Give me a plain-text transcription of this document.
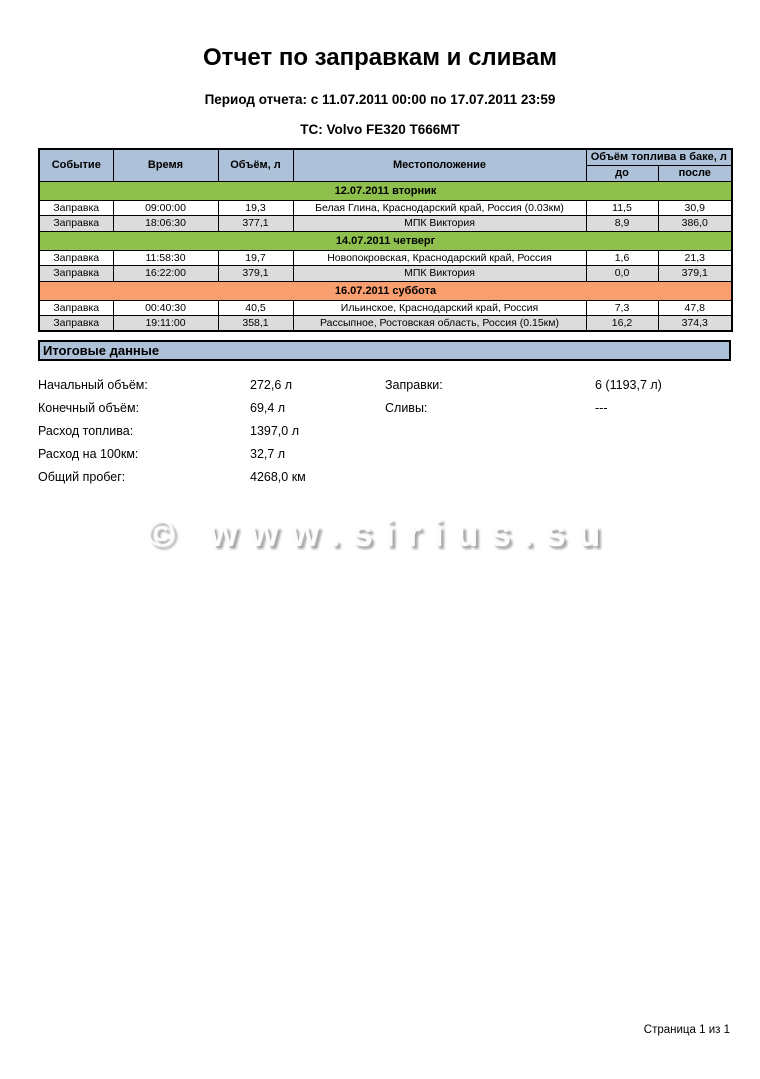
Отчет по заправкам и сливам
Период отчета: с 11.07.2011 00:00 по 17.07.2011 23:59
ТС: Volvo FE320 Т666МТ
Событие	Время	Объём, л	Местоположение	Объём топлива в баке, л	
				до	после
12.07.2011 вторник					
Заправка	09:00:00	19,3	Белая Глина, Краснодарский край, Россия (0.03км)	11,5	30,9
Заправка	18:06:30	377,1	МПК Виктория	8,9	386,0
14.07.2011 четверг					
Заправка	11:58:30	19,7	Новопокровская, Краснодарский край, Россия	1,6	21,3
Заправка	16:22:00	379,1	МПК Виктория	0,0	379,1
16.07.2011 суббота					
Заправка	00:40:30	40,5	Ильинское, Краснодарский край, Россия	7,3	47,8
Заправка	19:11:00	358,1	Рассыпное, Ростовская область, Россия (0.15км)	16,2	374,3
Итоговые данные
Начальный объём:	272,6 л	Заправки:	6 (1193,7 л)
Конечный объём:	69,4 л	Сливы:	---
Расход топлива:	1397,0 л
Расход на 100км:	32,7 л
Общий пробег:	4268,0 км
© www.sirius.su
Страница 1 из 1
